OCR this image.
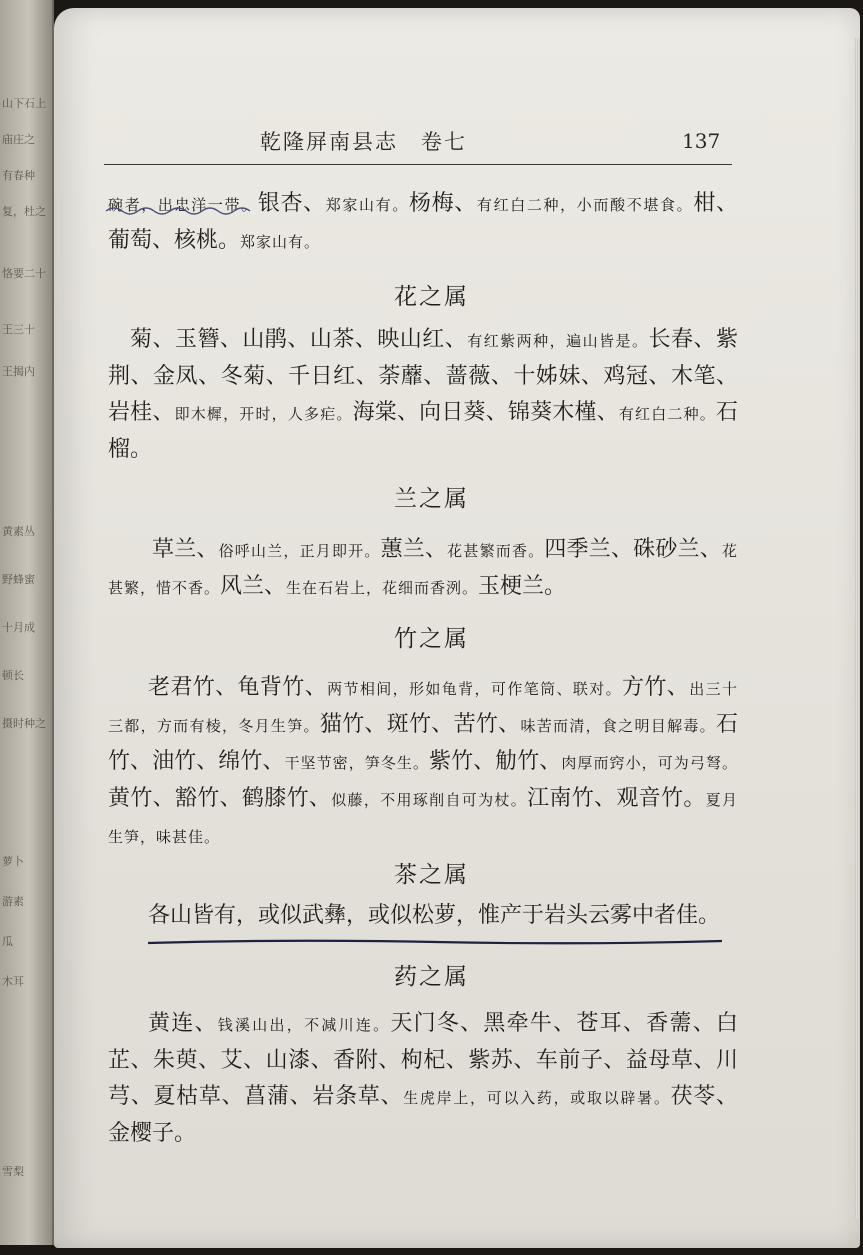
山下石上
庙庄之
有春种
复，杜之
恪要二十
王三十
王揭内
黄素丛
野蜂蜜
十月成
顿长
摄时种之
萝卜
游素
瓜
木耳
雪梨
乾隆屏南县志　卷七	137
碗者，出忠洋一带。银杏、郑家山有。杨梅、有红白二种，小而酸不堪食。柑、葡萄、核桃。郑家山有。
花之属
菊、玉簪、山鹃、山茶、映山红、有红紫两种，遍山皆是。长春、紫荆、金凤、冬菊、千日红、荼蘼、蔷薇、十姊妹、鸡冠、木笔、岩桂、即木樨，开时，人多疟。海棠、向日葵、锦葵木槿、有红白二种。石榴。
兰之属
草兰、俗呼山兰，正月即开。蕙兰、花甚繁而香。四季兰、硃砂兰、花甚繁，惜不香。风兰、生在石岩上，花细而香洌。玉梗兰。
竹之属
老君竹、龟背竹、两节相间，形如龟背，可作笔筒、联对。方竹、出三十三都，方而有棱，冬月生笋。猫竹、斑竹、苦竹、味苦而清，食之明目解毒。石竹、油竹、绵竹、干坚节密，笋冬生。紫竹、觔竹、肉厚而窍小，可为弓弩。黄竹、豁竹、鹤膝竹、似藤，不用琢削自可为杖。江南竹、观音竹。夏月生笋，味甚佳。
茶之属
各山皆有，或似武彝，或似松萝，惟产于岩头云雾中者佳。
药之属
黄连、钱溪山出，不减川连。天门冬、黑牵牛、苍耳、香薷、白芷、朱萸、艾、山漆、香附、枸杞、紫苏、车前子、益母草、川芎、夏枯草、菖蒲、岩条草、生虎岸上，可以入药，或取以辟暑。茯苓、金樱子。
